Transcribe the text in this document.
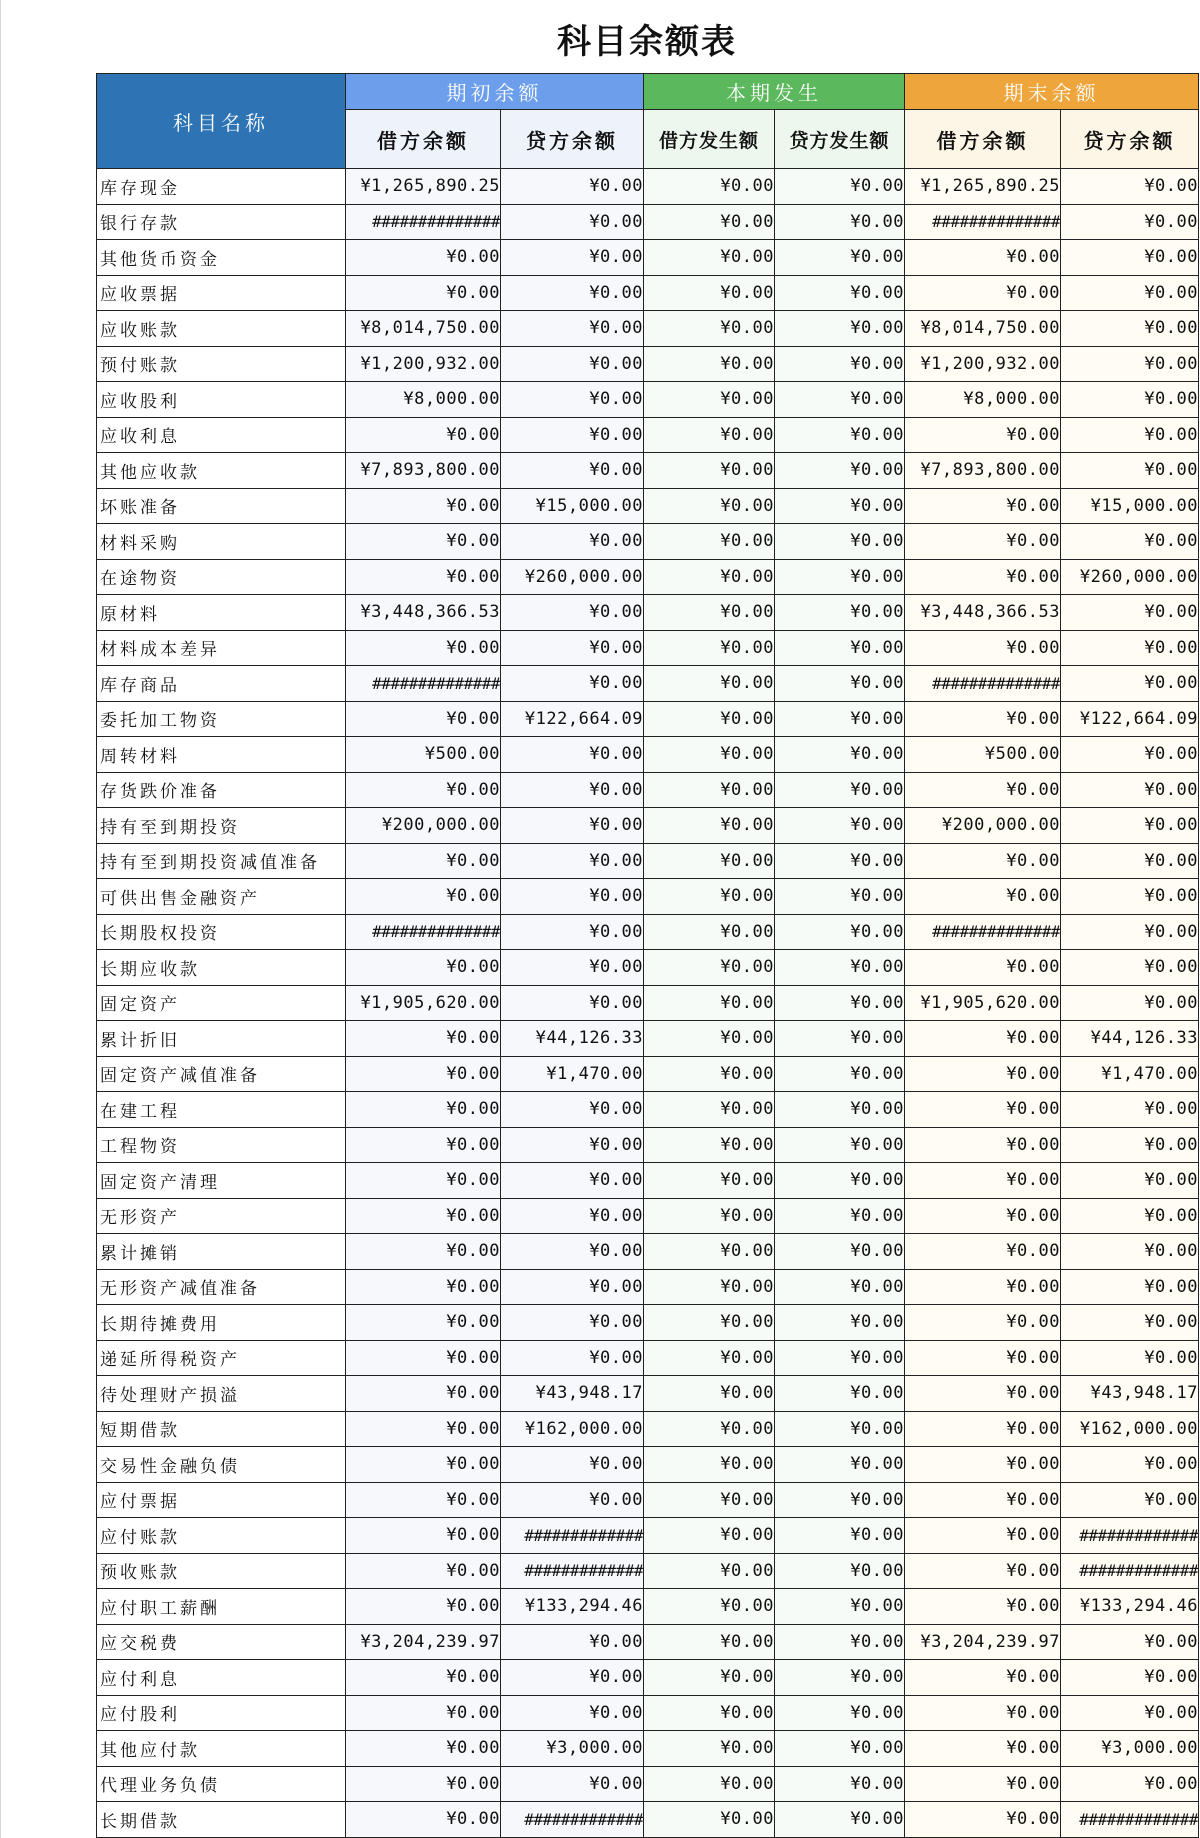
科目余额表
科目名称	期初余额		本期发生		期末余额	
	借方余额	贷方余额	借方发生额	贷方发生额	借方余额	贷方余额
库存现金	¥1,265,890.25	¥0.00	¥0.00	¥0.00	¥1,265,890.25	¥0.00
银行存款	##############	¥0.00	¥0.00	¥0.00	##############	¥0.00
其他货币资金	¥0.00	¥0.00	¥0.00	¥0.00	¥0.00	¥0.00
应收票据	¥0.00	¥0.00	¥0.00	¥0.00	¥0.00	¥0.00
应收账款	¥8,014,750.00	¥0.00	¥0.00	¥0.00	¥8,014,750.00	¥0.00
预付账款	¥1,200,932.00	¥0.00	¥0.00	¥0.00	¥1,200,932.00	¥0.00
应收股利	¥8,000.00	¥0.00	¥0.00	¥0.00	¥8,000.00	¥0.00
应收利息	¥0.00	¥0.00	¥0.00	¥0.00	¥0.00	¥0.00
其他应收款	¥7,893,800.00	¥0.00	¥0.00	¥0.00	¥7,893,800.00	¥0.00
坏账准备	¥0.00	¥15,000.00	¥0.00	¥0.00	¥0.00	¥15,000.00
材料采购	¥0.00	¥0.00	¥0.00	¥0.00	¥0.00	¥0.00
在途物资	¥0.00	¥260,000.00	¥0.00	¥0.00	¥0.00	¥260,000.00
原材料	¥3,448,366.53	¥0.00	¥0.00	¥0.00	¥3,448,366.53	¥0.00
材料成本差异	¥0.00	¥0.00	¥0.00	¥0.00	¥0.00	¥0.00
库存商品	##############	¥0.00	¥0.00	¥0.00	##############	¥0.00
委托加工物资	¥0.00	¥122,664.09	¥0.00	¥0.00	¥0.00	¥122,664.09
周转材料	¥500.00	¥0.00	¥0.00	¥0.00	¥500.00	¥0.00
存货跌价准备	¥0.00	¥0.00	¥0.00	¥0.00	¥0.00	¥0.00
持有至到期投资	¥200,000.00	¥0.00	¥0.00	¥0.00	¥200,000.00	¥0.00
持有至到期投资减值准备	¥0.00	¥0.00	¥0.00	¥0.00	¥0.00	¥0.00
可供出售金融资产	¥0.00	¥0.00	¥0.00	¥0.00	¥0.00	¥0.00
长期股权投资	##############	¥0.00	¥0.00	¥0.00	##############	¥0.00
长期应收款	¥0.00	¥0.00	¥0.00	¥0.00	¥0.00	¥0.00
固定资产	¥1,905,620.00	¥0.00	¥0.00	¥0.00	¥1,905,620.00	¥0.00
累计折旧	¥0.00	¥44,126.33	¥0.00	¥0.00	¥0.00	¥44,126.33
固定资产减值准备	¥0.00	¥1,470.00	¥0.00	¥0.00	¥0.00	¥1,470.00
在建工程	¥0.00	¥0.00	¥0.00	¥0.00	¥0.00	¥0.00
工程物资	¥0.00	¥0.00	¥0.00	¥0.00	¥0.00	¥0.00
固定资产清理	¥0.00	¥0.00	¥0.00	¥0.00	¥0.00	¥0.00
无形资产	¥0.00	¥0.00	¥0.00	¥0.00	¥0.00	¥0.00
累计摊销	¥0.00	¥0.00	¥0.00	¥0.00	¥0.00	¥0.00
无形资产减值准备	¥0.00	¥0.00	¥0.00	¥0.00	¥0.00	¥0.00
长期待摊费用	¥0.00	¥0.00	¥0.00	¥0.00	¥0.00	¥0.00
递延所得税资产	¥0.00	¥0.00	¥0.00	¥0.00	¥0.00	¥0.00
待处理财产损溢	¥0.00	¥43,948.17	¥0.00	¥0.00	¥0.00	¥43,948.17
短期借款	¥0.00	¥162,000.00	¥0.00	¥0.00	¥0.00	¥162,000.00
交易性金融负债	¥0.00	¥0.00	¥0.00	¥0.00	¥0.00	¥0.00
应付票据	¥0.00	¥0.00	¥0.00	¥0.00	¥0.00	¥0.00
应付账款	¥0.00	#############	¥0.00	¥0.00	¥0.00	#############
预收账款	¥0.00	#############	¥0.00	¥0.00	¥0.00	#############
应付职工薪酬	¥0.00	¥133,294.46	¥0.00	¥0.00	¥0.00	¥133,294.46
应交税费	¥3,204,239.97	¥0.00	¥0.00	¥0.00	¥3,204,239.97	¥0.00
应付利息	¥0.00	¥0.00	¥0.00	¥0.00	¥0.00	¥0.00
应付股利	¥0.00	¥0.00	¥0.00	¥0.00	¥0.00	¥0.00
其他应付款	¥0.00	¥3,000.00	¥0.00	¥0.00	¥0.00	¥3,000.00
代理业务负债	¥0.00	¥0.00	¥0.00	¥0.00	¥0.00	¥0.00
长期借款	¥0.00	#############	¥0.00	¥0.00	¥0.00	#############
